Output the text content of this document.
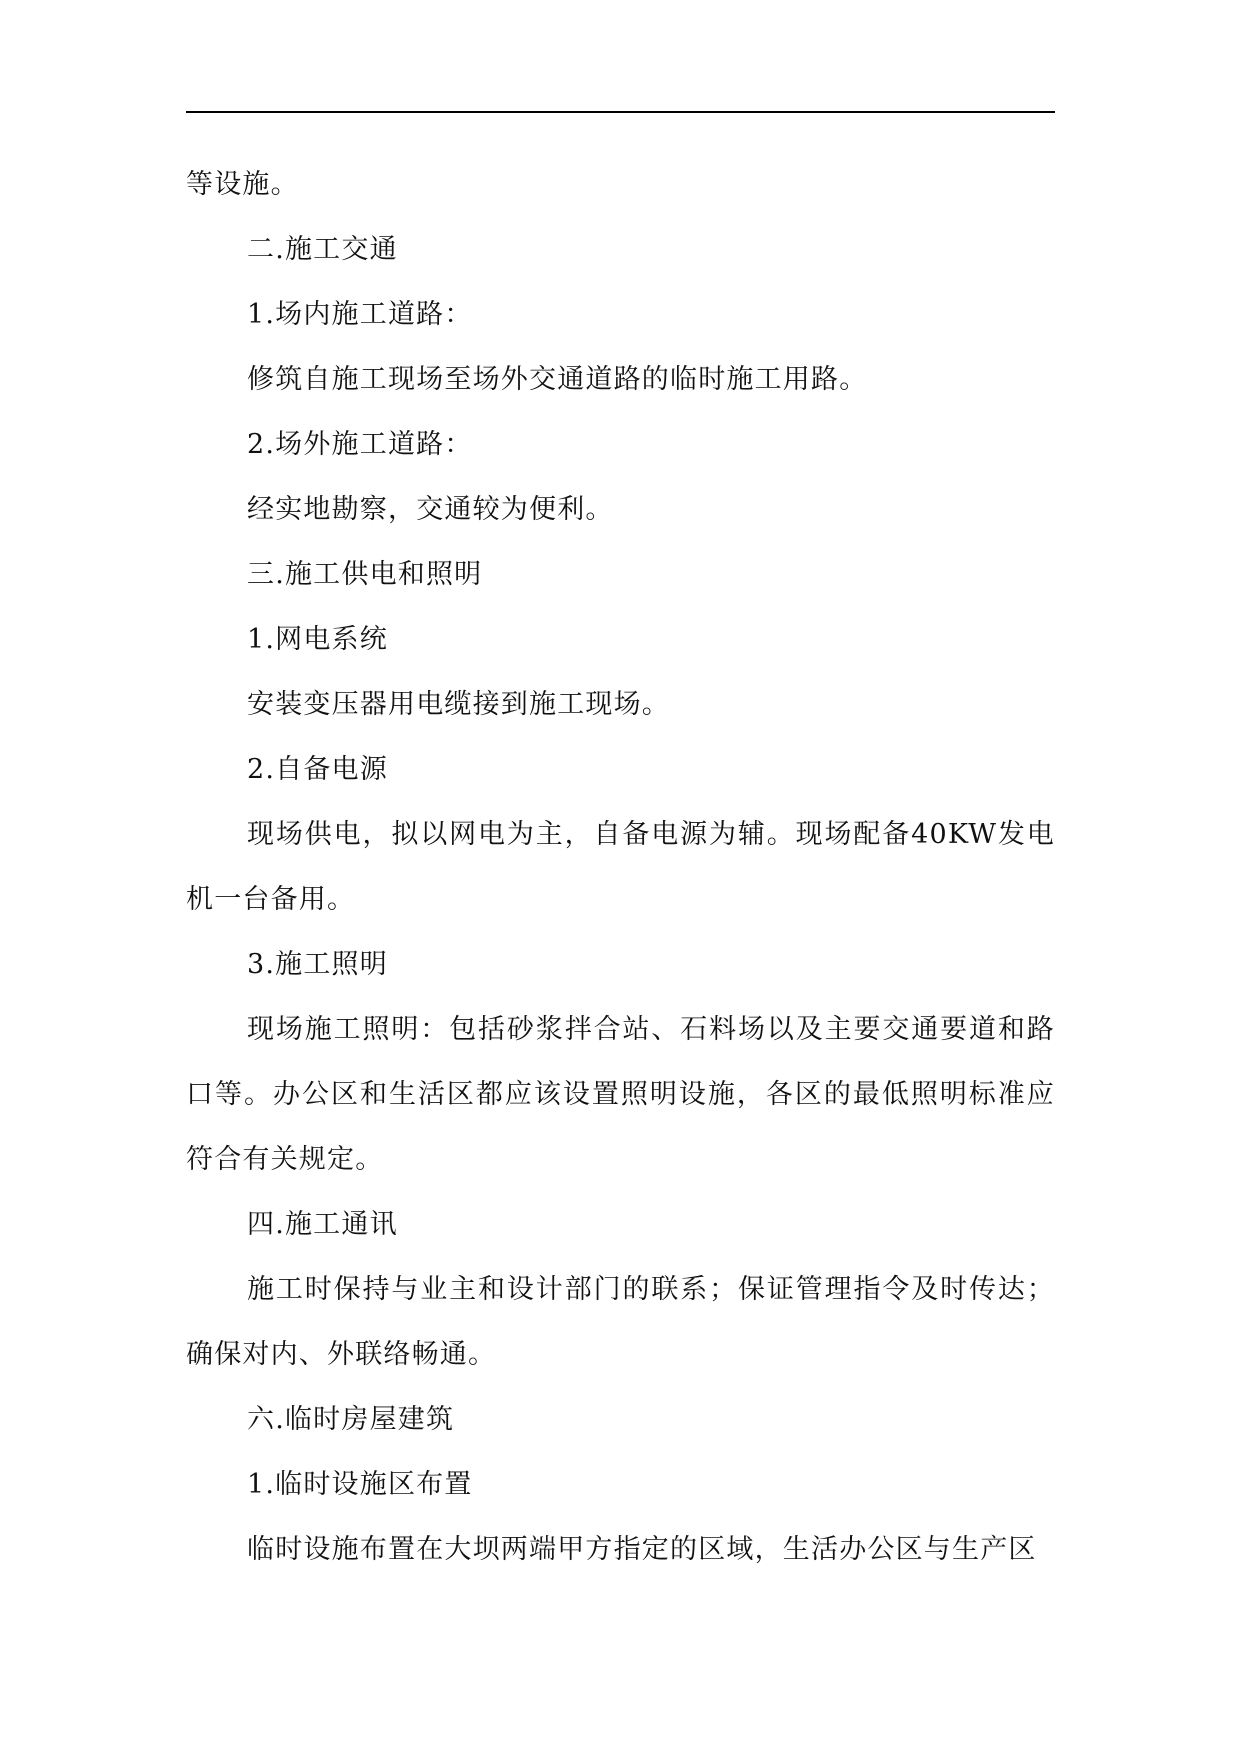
等设施。

二.施工交通

1.场内施工道路：

修筑自施工现场至场外交通道路的临时施工用路。

2.场外施工道路：

经实地勘察，交通较为便利。

三.施工供电和照明

1.网电系统

安装变压器用电缆接到施工现场。

2.自备电源

现场供电，拟以网电为主，自备电源为辅。现场配备40KW发电机一台备用。

3.施工照明

现场施工照明：包括砂浆拌合站、石料场以及主要交通要道和路口等。办公区和生活区都应该设置照明设施，各区的最低照明标准应符合有关规定。

四.施工通讯

施工时保持与业主和设计部门的联系；保证管理指令及时传达；确保对内、外联络畅通。

六.临时房屋建筑

1.临时设施区布置

临时设施布置在大坝两端甲方指定的区域，生活办公区与生产区
